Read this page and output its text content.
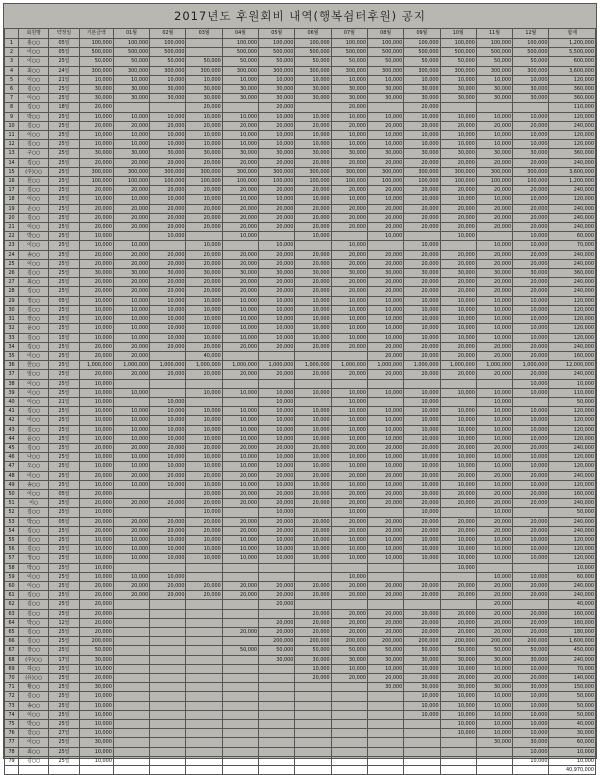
2017년도 후원회비 내역(행복쉼터후원) 공지
	회원명	약정일	기본금액	01월	02월	03월	04월	05월	06월	07월	08월	09월	10월	11월	12월	합계
1	홍○○	05일	100,000	100,000	100,000		100,000	100,000	100,000	100,000	100,000	100,000	100,000	100,000	100,000	1,200,000
2	이○○	05일	500,000	500,000	500,000		500,000	500,000	500,000	500,000	500,000	500,000	500,000	500,000	500,000	5,500,000
3	이○○	25일	50,000	50,000	50,000	50,000	50,000	50,000	50,000	50,000	50,000	50,000	50,000	50,000	50,000	600,000
4	최○○	24일	300,000	300,000	300,000	300,000	300,000	300,000	300,000	300,000	300,000	300,000	300,000	300,000	300,000	3,600,000
5	이○○	21일	10,000	10,000	10,000	10,000	10,000	10,000	10,000	10,000	10,000	10,000	10,000	10,000	10,000	120,000
6	김○○	25일	30,000	30,000	30,000	30,000	30,000	30,000	30,000	30,000	30,000	30,000	30,000	30,000	30,000	360,000
7	이○○	25일	30,000	30,000	30,000	30,000	30,000	30,000	30,000	30,000	30,000	30,000	30,000	30,000	30,000	360,000
8	김○○	18일	20,000			20,000		20,000		20,000		20,000				110,000
9	박○○	25일	10,000	10,000	10,000	10,000	10,000	10,000	10,000	10,000	10,000	10,000	10,000	10,000	10,000	120,000
10	김○○	25일	20,000	20,000	20,000	20,000	20,000	20,000	20,000	20,000	20,000	20,000	20,000	20,000	20,000	240,000
11	이○○	25일	10,000	10,000	10,000	10,000	10,000	10,000	10,000	10,000	10,000	10,000	10,000	10,000	10,000	120,000
12	김○○	25일	10,000	10,000	10,000	10,000	10,000	10,000	10,000	10,000	10,000	10,000	10,000	10,000	10,000	120,000
13	구○○	25일	30,000	30,000	30,000	30,000	30,000	30,000	30,000	30,000	30,000	30,000	30,000	30,000	30,000	360,000
14	김○○	25일	20,000	20,000	20,000	20,000	20,000	20,000	20,000	20,000	20,000	20,000	20,000	20,000	20,000	240,000
15	(주)○○	25일	300,000	300,000	300,000	300,000	300,000	300,000	300,000	300,000	300,000	300,000	300,000	300,000	300,000	3,600,000
16	원○○	25일	100,000	100,000	100,000	100,000	100,000	100,000	100,000	100,000	100,000	100,000	100,000	100,000	100,000	1,200,000
17	김○○	25일	20,000	20,000	20,000	20,000	20,000	20,000	20,000	20,000	20,000	20,000	20,000	20,000	20,000	240,000
18	이○○	25일	10,000	10,000	10,000	10,000	10,000	10,000	10,000	10,000	10,000	10,000	10,000	10,000	10,000	120,000
19	손○○	25일	20,000	20,000	20,000	20,000	20,000	20,000	20,000	20,000	20,000	20,000	20,000	20,000	20,000	240,000
20	김○○	25일	20,000	20,000	20,000	20,000	20,000	20,000	20,000	20,000	20,000	20,000	20,000	20,000	20,000	240,000
21	이○○	25일	20,000	20,000	20,000	20,000	20,000	20,000	20,000	20,000	20,000	20,000	20,000	20,000	20,000	240,000
22	박○○	25일	10,000		10,000		10,000		10,000		10,000		10,000		10,000	60,000
23	이○○	25일	10,000	10,000		10,000		10,000		10,000		10,000		10,000	10,000	70,000
24	송○○	25일	20,000	20,000	20,000	20,000	20,000	20,000	20,000	20,000	20,000	20,000	20,000	20,000	20,000	240,000
25	이○○	25일	20,000	20,000	20,000	20,000	20,000	20,000	20,000	20,000	20,000	20,000	20,000	20,000	20,000	240,000
26	김○○	25일	30,000	30,000	30,000	30,000	30,000	30,000	30,000	30,000	30,000	30,000	30,000	30,000	30,000	360,000
27	최○○	25일	20,000	20,000	20,000	20,000	20,000	20,000	20,000	20,000	20,000	20,000	20,000	20,000	20,000	240,000
28	김○○	25일	20,000	20,000	20,000	20,000	20,000	20,000	20,000	20,000	20,000	20,000	20,000	20,000	20,000	240,000
29	정○○	05일	10,000	10,000	10,000	10,000	10,000	10,000	10,000	10,000	10,000	10,000	10,000	10,000	10,000	120,000
30	김○○	25일	10,000	10,000	10,000	10,000	10,000	10,000	10,000	10,000	10,000	10,000	10,000	10,000	10,000	120,000
31	장○○	25일	10,000	10,000	10,000	10,000	10,000	10,000	10,000	10,000	10,000	10,000	10,000	10,000	10,000	120,000
32	윤○○	25일	10,000	10,000	10,000	10,000	10,000	10,000	10,000	10,000	10,000	10,000	10,000	10,000	10,000	120,000
33	김○○	15일	10,000	10,000	10,000	10,000	10,000	10,000	10,000	10,000	10,000	10,000	10,000	10,000	10,000	120,000
34	김○○	25일	20,000	20,000	20,000	20,000	20,000	20,000	20,000	20,000	20,000	20,000	20,000	20,000	20,000	240,000
35	이○○	25일	20,000	20,000		40,000					20,000	20,000	20,000	20,000	20,000	160,000
36	한○○	25일	1,000,000	1,000,000	1,000,000	1,000,000	1,000,000	1,000,000	1,000,000	1,000,000	1,000,000	1,000,000	1,000,000	1,000,000	1,000,000	12,000,000
37	임○○	25일	20,000	20,000	20,000	20,000	20,000	20,000	20,000	20,000	20,000	20,000	20,000	20,000	20,000	240,000
38	이○○	25일	10,000												10,000	10,000
39	이○○	25일	10,000	10,000		10,000	10,000	10,000	10,000	10,000	10,000	10,000	10,000	10,000	10,000	110,000
40	이○○	21일	10,000		10,000			10,000		10,000		10,000		10,000		50,000
41	김○○	25일	10,000	10,000	10,000	10,000	10,000	10,000	10,000	10,000	10,000	10,000	10,000	10,000	10,000	120,000
42	이○○	25일	10,000	10,000	10,000	10,000	10,000	10,000	10,000	10,000	10,000	10,000	10,000	10,000	10,000	120,000
43	김○○	25일	10,000	10,000	10,000	10,000	10,000	10,000	10,000	10,000	10,000	10,000	10,000	10,000	10,000	120,000
44	윤○○	25일	10,000	10,000	10,000	10,000	10,000	10,000	10,000	10,000	10,000	10,000	10,000	10,000	10,000	120,000
45	김○○	25일	20,000	20,000	20,000	20,000	20,000	20,000	20,000	20,000	20,000	20,000	20,000	20,000	20,000	240,000
46	나○○	25일	10,000	10,000	10,000	10,000	10,000	10,000	10,000	10,000	10,000	10,000	10,000	10,000	10,000	120,000
47	오○○	25일	10,000	10,000	10,000	10,000	10,000	10,000	10,000	10,000	10,000	10,000	10,000	10,000	10,000	120,000
48	이○○	25일	20,000	20,000	20,000	20,000	20,000	20,000	20,000	20,000	20,000	20,000	20,000	20,000	20,000	240,000
49	송○○	25일	10,000	10,000	10,000	10,000	10,000	10,000	10,000	10,000	10,000	10,000	10,000	10,000	10,000	120,000
50	이○○	05일	20,000			20,000	20,000	20,000	20,000	20,000	20,000	20,000	20,000	20,000	20,000	160,000
51	이○	25일	20,000	20,000	20,000	20,000	20,000	20,000	20,000	20,000	20,000	20,000	20,000	20,000	20,000	240,000
52	김○○	25일	10,000			10,000		10,000		10,000		10,000		10,000		50,000
53	박○○	05일	20,000	20,000	20,000	20,000	20,000	20,000	20,000	20,000	20,000	20,000	20,000	20,000	20,000	240,000
54	김○○	25일	20,000	20,000	20,000	20,000	20,000	20,000	20,000	20,000	20,000	20,000	20,000	20,000	20,000	240,000
55	김○○	25일	10,000	10,000	10,000	10,000	10,000	10,000	10,000	10,000	10,000	10,000	10,000	10,000	10,000	120,000
56	김○○	25일	10,000	10,000	10,000	10,000	10,000	10,000	10,000	10,000	10,000	10,000	10,000	10,000	10,000	120,000
57	정○○	25일	10,000	10,000	10,000	10,000	10,000	10,000	10,000	10,000	10,000	10,000	10,000	10,000	10,000	120,000
58	박○○	25일	10,000										10,000			10,000
59	이○○	25일	10,000	10,000	10,000					10,000				10,000	10,000	60,000
60	이○○	25일	20,000	20,000	20,000	20,000	20,000	20,000	20,000	20,000	20,000	20,000	20,000	20,000	20,000	240,000
61	김○○	25일	20,000	20,000	20,000	20,000	20,000	20,000	20,000	20,000	20,000	20,000	20,000	20,000	20,000	240,000
62	김○○	25일	20,000					20,000						20,000		40,000
63	김○○	25일	20,000						20,000	20,000	20,000	20,000	20,000	20,000	20,000	160,000
64	박○○	12일	20,000					20,000	20,000	20,000	20,000	20,000	20,000	20,000	20,000	160,000
65	김○○	25일	20,000				20,000	20,000	20,000	20,000	20,000	20,000	20,000	20,000	20,000	180,000
66	김○○	25일	200,000					200,000	200,000	200,000	200,000	200,000	200,000	200,000	200,000	1,600,000
67	장○○	25일	50,000				50,000	50,000	50,000	50,000	50,000	50,000	50,000	50,000	50,000	450,000
68	(주)○○	17일	30,000					30,000	30,000	30,000	30,000	30,000	30,000	30,000	30,000	240,000
69	하○○	25일	10,000						10,000	10,000	10,000	10,000	10,000	10,000	10,000	70,000
70	(유)○○	25일	20,000						20,000	20,000	20,000	20,000	20,000	20,000	20,000	140,000
71	황○○	25일	30,000								30,000	30,000	30,000	30,000	30,000	150,000
72	김○○	25일	10,000									10,000	10,000	10,000	10,000	50,000
73	송○○	25일	10,000									10,000	10,000	10,000	10,000	50,000
74	이○○	25일	10,000									10,000	10,000	10,000	10,000	50,000
75	박○○	25일	10,000										10,000	10,000	10,000	40,000
76	강○○	27일	10,000										10,000	10,000	10,000	30,000
77	이○○	25일	30,000											30,000	30,000	60,000
78	최○○	25일	10,000												10,000	10,000
79	김○○	25일	10,000												10,000	10,000
																40,970,000
